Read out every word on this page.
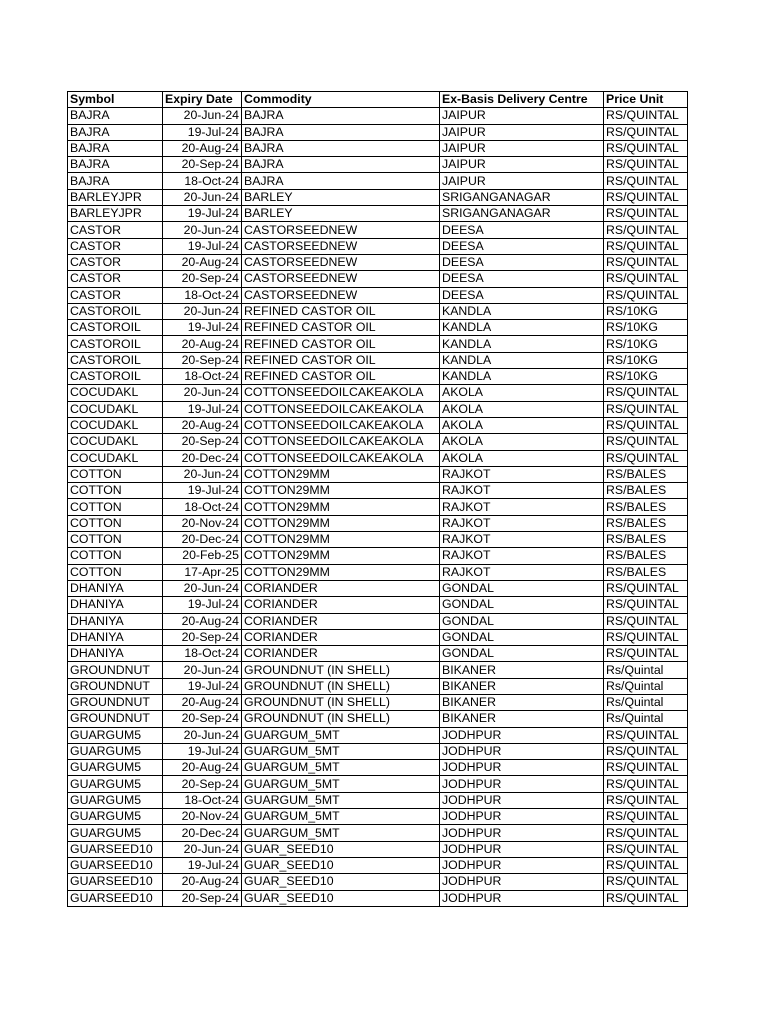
Symbol	Expiry Date	Commodity	Ex-Basis Delivery Centre	Price Unit
BAJRA	20-Jun-24	BAJRA	JAIPUR	RS/QUINTAL
BAJRA	19-Jul-24	BAJRA	JAIPUR	RS/QUINTAL
BAJRA	20-Aug-24	BAJRA	JAIPUR	RS/QUINTAL
BAJRA	20-Sep-24	BAJRA	JAIPUR	RS/QUINTAL
BAJRA	18-Oct-24	BAJRA	JAIPUR	RS/QUINTAL
BARLEYJPR	20-Jun-24	BARLEY	SRIGANGANAGAR	RS/QUINTAL
BARLEYJPR	19-Jul-24	BARLEY	SRIGANGANAGAR	RS/QUINTAL
CASTOR	20-Jun-24	CASTORSEEDNEW	DEESA	RS/QUINTAL
CASTOR	19-Jul-24	CASTORSEEDNEW	DEESA	RS/QUINTAL
CASTOR	20-Aug-24	CASTORSEEDNEW	DEESA	RS/QUINTAL
CASTOR	20-Sep-24	CASTORSEEDNEW	DEESA	RS/QUINTAL
CASTOR	18-Oct-24	CASTORSEEDNEW	DEESA	RS/QUINTAL
CASTOROIL	20-Jun-24	REFINED CASTOR OIL	KANDLA	RS/10KG
CASTOROIL	19-Jul-24	REFINED CASTOR OIL	KANDLA	RS/10KG
CASTOROIL	20-Aug-24	REFINED CASTOR OIL	KANDLA	RS/10KG
CASTOROIL	20-Sep-24	REFINED CASTOR OIL	KANDLA	RS/10KG
CASTOROIL	18-Oct-24	REFINED CASTOR OIL	KANDLA	RS/10KG
COCUDAKL	20-Jun-24	COTTONSEEDOILCAKEAKOLA	AKOLA	RS/QUINTAL
COCUDAKL	19-Jul-24	COTTONSEEDOILCAKEAKOLA	AKOLA	RS/QUINTAL
COCUDAKL	20-Aug-24	COTTONSEEDOILCAKEAKOLA	AKOLA	RS/QUINTAL
COCUDAKL	20-Sep-24	COTTONSEEDOILCAKEAKOLA	AKOLA	RS/QUINTAL
COCUDAKL	20-Dec-24	COTTONSEEDOILCAKEAKOLA	AKOLA	RS/QUINTAL
COTTON	20-Jun-24	COTTON29MM	RAJKOT	RS/BALES
COTTON	19-Jul-24	COTTON29MM	RAJKOT	RS/BALES
COTTON	18-Oct-24	COTTON29MM	RAJKOT	RS/BALES
COTTON	20-Nov-24	COTTON29MM	RAJKOT	RS/BALES
COTTON	20-Dec-24	COTTON29MM	RAJKOT	RS/BALES
COTTON	20-Feb-25	COTTON29MM	RAJKOT	RS/BALES
COTTON	17-Apr-25	COTTON29MM	RAJKOT	RS/BALES
DHANIYA	20-Jun-24	CORIANDER	GONDAL	RS/QUINTAL
DHANIYA	19-Jul-24	CORIANDER	GONDAL	RS/QUINTAL
DHANIYA	20-Aug-24	CORIANDER	GONDAL	RS/QUINTAL
DHANIYA	20-Sep-24	CORIANDER	GONDAL	RS/QUINTAL
DHANIYA	18-Oct-24	CORIANDER	GONDAL	RS/QUINTAL
GROUNDNUT	20-Jun-24	GROUNDNUT (IN SHELL)	BIKANER	Rs/Quintal
GROUNDNUT	19-Jul-24	GROUNDNUT (IN SHELL)	BIKANER	Rs/Quintal
GROUNDNUT	20-Aug-24	GROUNDNUT (IN SHELL)	BIKANER	Rs/Quintal
GROUNDNUT	20-Sep-24	GROUNDNUT (IN SHELL)	BIKANER	Rs/Quintal
GUARGUM5	20-Jun-24	GUARGUM_5MT	JODHPUR	RS/QUINTAL
GUARGUM5	19-Jul-24	GUARGUM_5MT	JODHPUR	RS/QUINTAL
GUARGUM5	20-Aug-24	GUARGUM_5MT	JODHPUR	RS/QUINTAL
GUARGUM5	20-Sep-24	GUARGUM_5MT	JODHPUR	RS/QUINTAL
GUARGUM5	18-Oct-24	GUARGUM_5MT	JODHPUR	RS/QUINTAL
GUARGUM5	20-Nov-24	GUARGUM_5MT	JODHPUR	RS/QUINTAL
GUARGUM5	20-Dec-24	GUARGUM_5MT	JODHPUR	RS/QUINTAL
GUARSEED10	20-Jun-24	GUAR_SEED10	JODHPUR	RS/QUINTAL
GUARSEED10	19-Jul-24	GUAR_SEED10	JODHPUR	RS/QUINTAL
GUARSEED10	20-Aug-24	GUAR_SEED10	JODHPUR	RS/QUINTAL
GUARSEED10	20-Sep-24	GUAR_SEED10	JODHPUR	RS/QUINTAL
